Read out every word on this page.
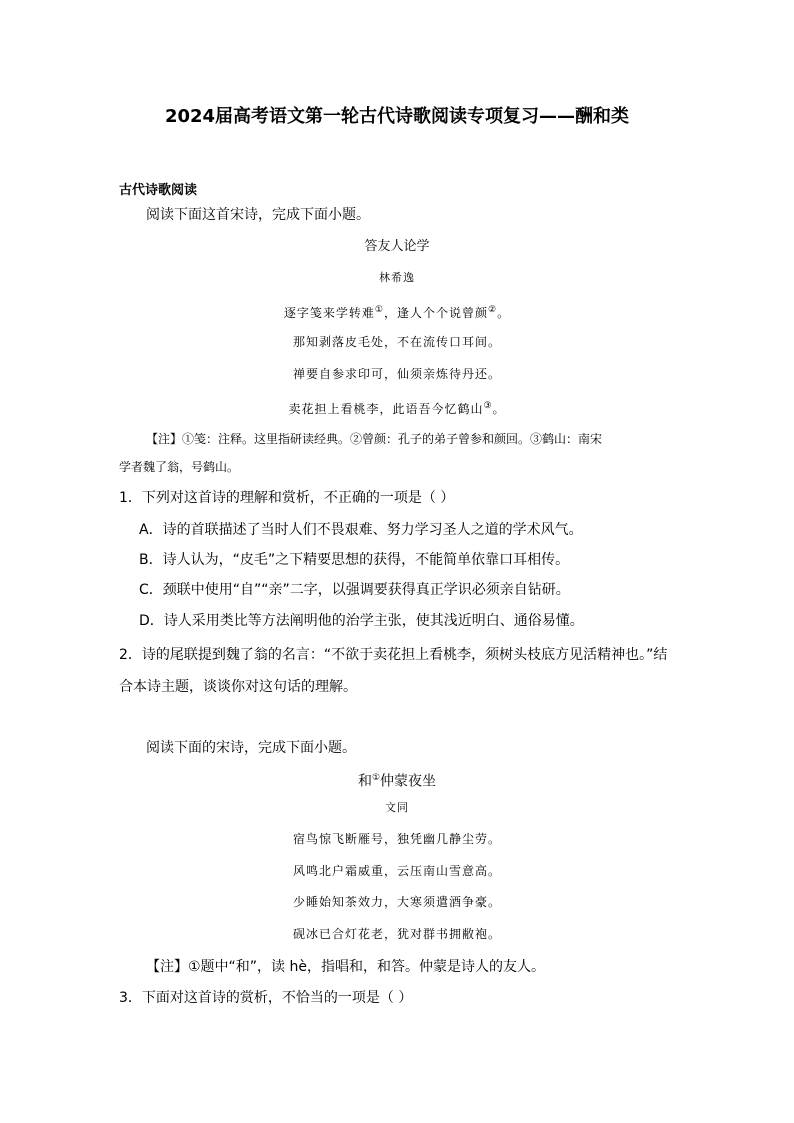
2024届高考语文第一轮古代诗歌阅读专项复习——酬和类
古代诗歌阅读
阅读下面这首宋诗，完成下面小题。
答友人论学
林希逸
逐字笺来学转难①，逢人个个说曾颜②。
那知剥落皮毛处，不在流传口耳间。
禅要自参求印可，仙须亲炼待丹还。
卖花担上看桃李，此语吾今忆鹤山③。
【注】①笺：注释。这里指研读经典。②曾颜：孔子的弟子曾参和颜回。③鹤山：南宋
学者魏了翁，号鹤山。
1．下列对这首诗的理解和赏析，不正确的一项是（ ）
A．诗的首联描述了当时人们不畏艰难、努力学习圣人之道的学术风气。
B．诗人认为，“皮毛”之下精要思想的获得，不能简单依靠口耳相传。
C．颈联中使用“自”“亲”二字，以强调要获得真正学识必须亲自钻研。
D．诗人采用类比等方法阐明他的治学主张，使其浅近明白、通俗易懂。
2．诗的尾联提到魏了翁的名言：“不欲于卖花担上看桃李，须树头枝底方见活精神也。”结
合本诗主题，谈谈你对这句话的理解。
阅读下面的宋诗，完成下面小题。
和①仲蒙夜坐
文同
宿鸟惊飞断雁号，独凭幽几静尘劳。
风鸣北户霜威重，云压南山雪意高。
少睡始知茶效力，大寒须遣酒争豪。
砚冰已合灯花老，犹对群书拥敝袍。
【注】①题中“和”，读 hè，指唱和，和答。仲蒙是诗人的友人。
3．下面对这首诗的赏析，不恰当的一项是（ ）
